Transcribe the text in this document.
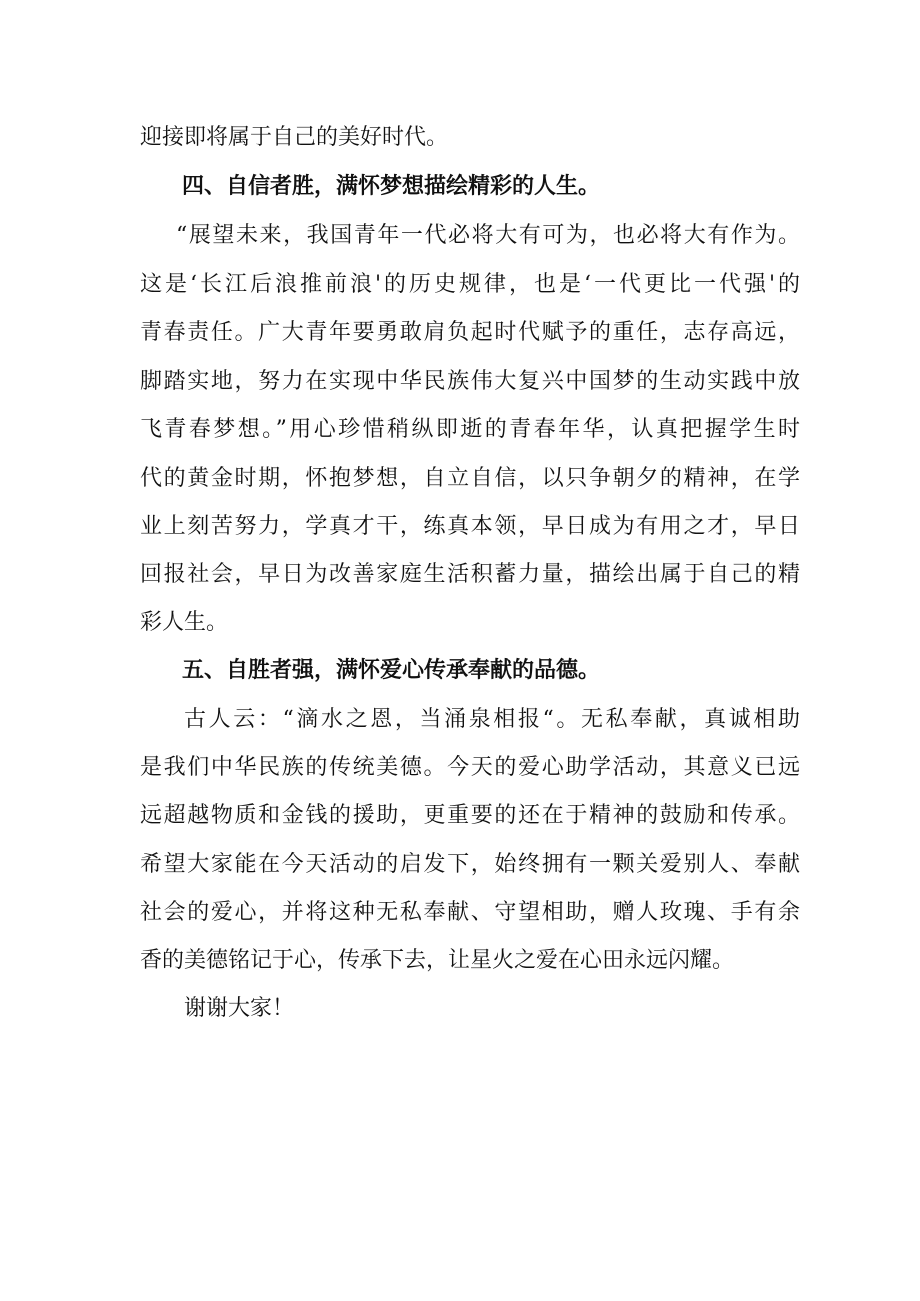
迎接即将属于自己的美好时代。
四、自信者胜，满怀梦想描绘精彩的人生。
“展望未来，我国青年一代必将大有可为，也必将大有作为。
这是‘长江后浪推前浪'的历史规律，也是‘一代更比一代强'的
青春责任。广大青年要勇敢肩负起时代赋予的重任，志存高远，
脚踏实地，努力在实现中华民族伟大复兴中国梦的生动实践中放
飞青春梦想。”用心珍惜稍纵即逝的青春年华，认真把握学生时
代的黄金时期，怀抱梦想，自立自信，以只争朝夕的精神，在学
业上刻苦努力，学真才干，练真本领，早日成为有用之才，早日
回报社会，早日为改善家庭生活积蓄力量，描绘出属于自己的精
彩人生。
五、自胜者强，满怀爱心传承奉献的品德。
古人云：“滴水之恩，当涌泉相报“。无私奉献，真诚相助
是我们中华民族的传统美德。今天的爱心助学活动，其意义已远
远超越物质和金钱的援助，更重要的还在于精神的鼓励和传承。
希望大家能在今天活动的启发下，始终拥有一颗关爱别人、奉献
社会的爱心，并将这种无私奉献、守望相助，赠人玫瑰、手有余
香的美德铭记于心，传承下去，让星火之爱在心田永远闪耀。
谢谢大家！
